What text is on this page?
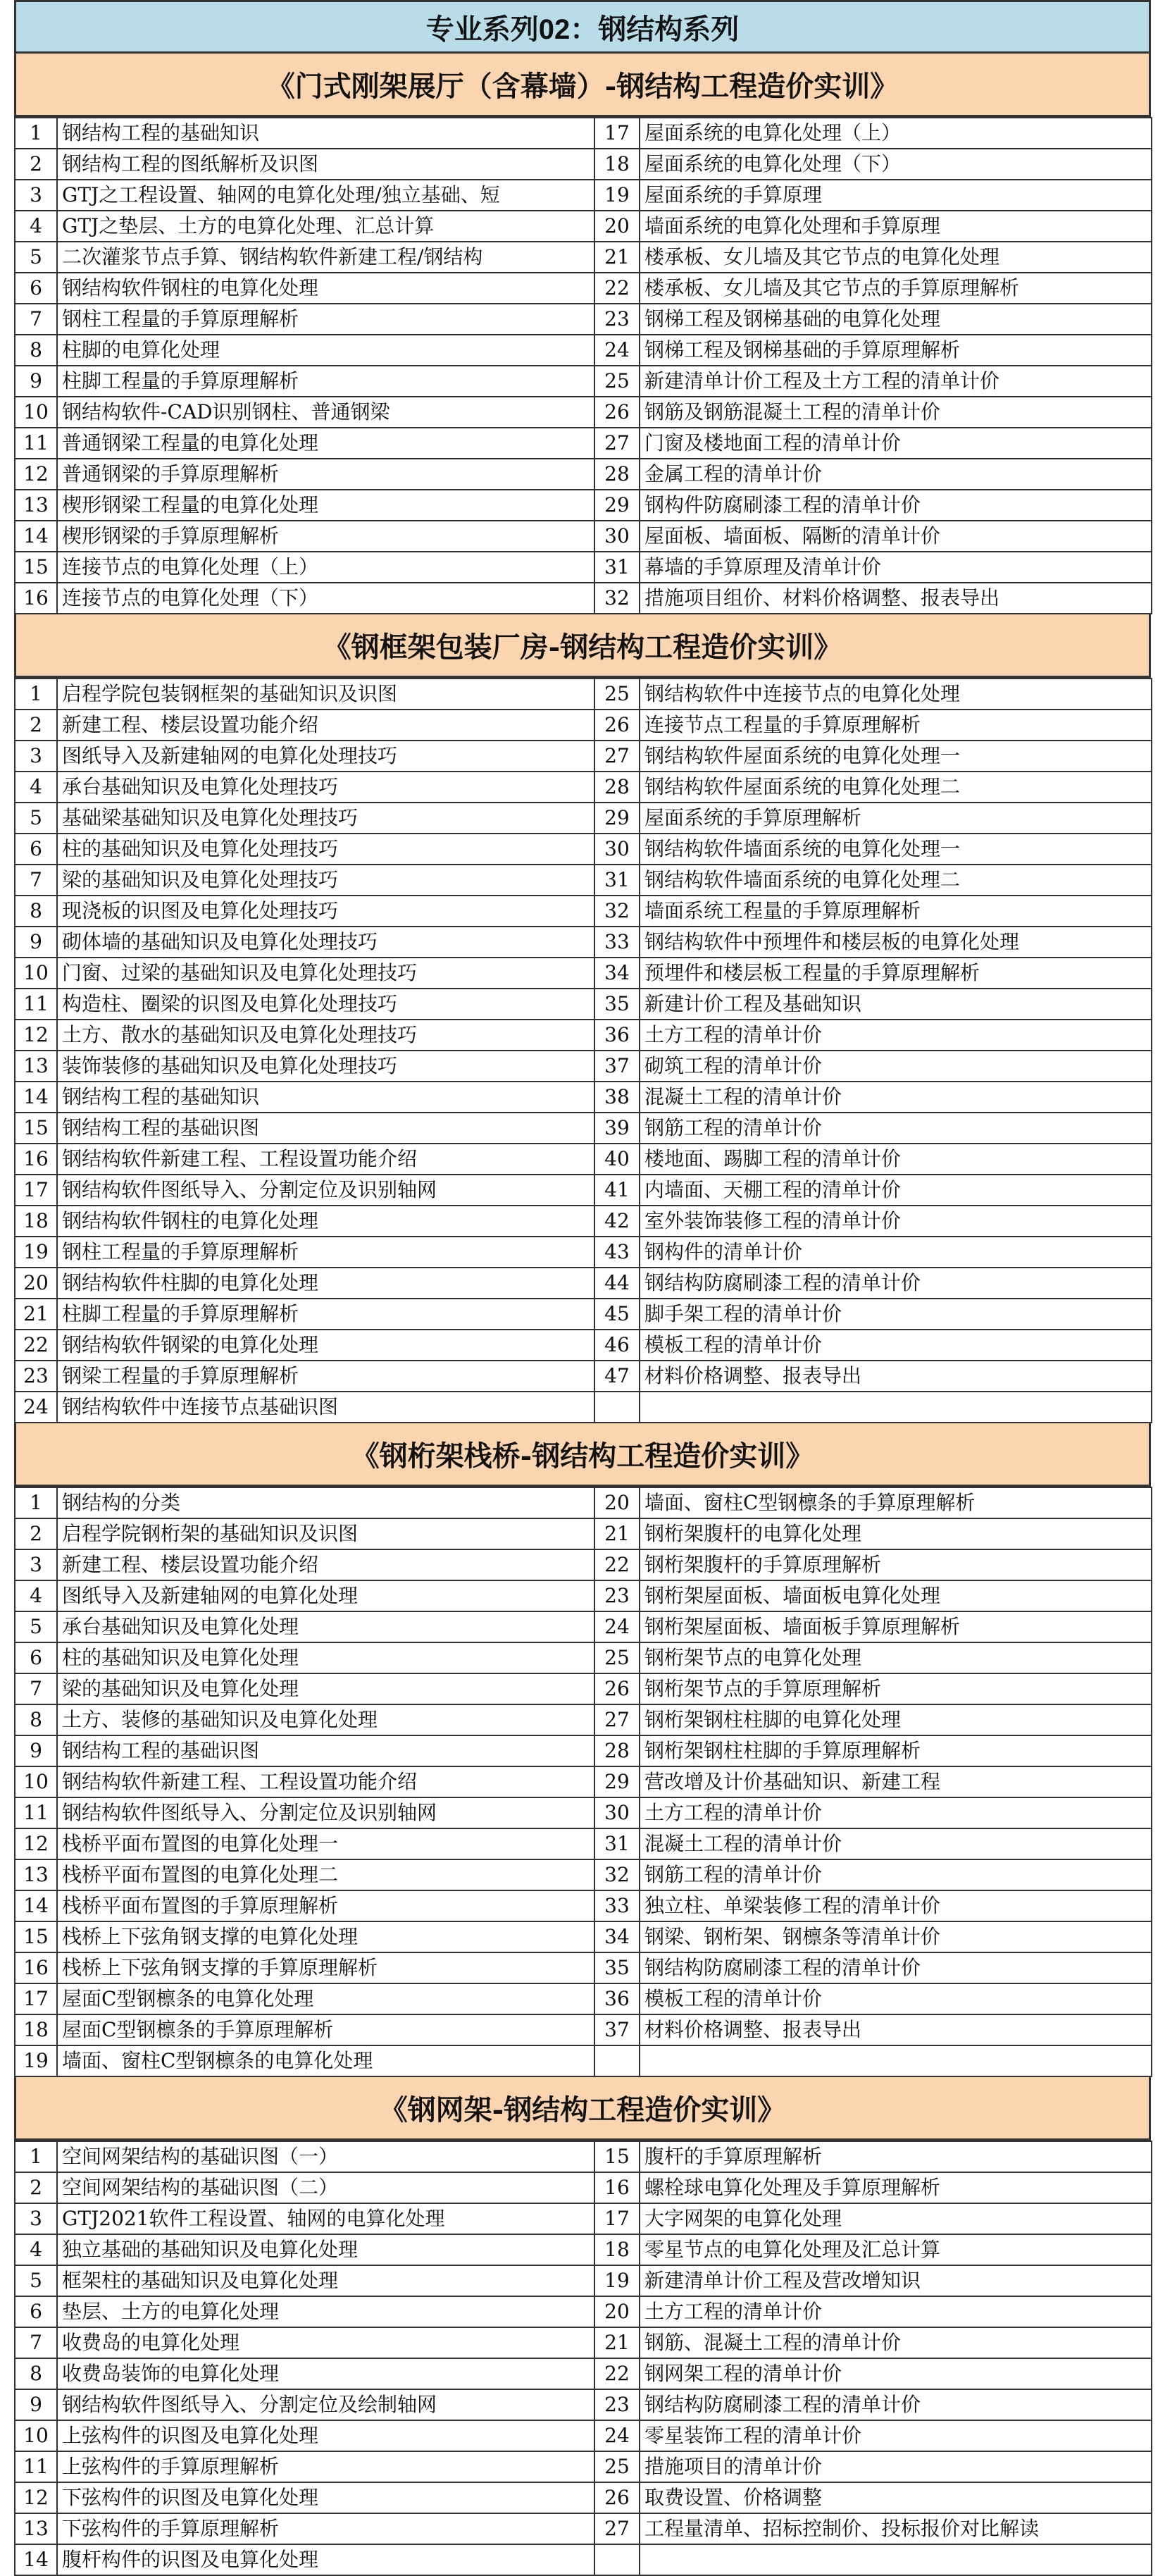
专业系列02：钢结构系列
《门式刚架展厅（含幕墙）-钢结构工程造价实训》
1	钢结构工程的基础知识	17	屋面系统的电算化处理（上）
2	钢结构工程的图纸解析及识图	18	屋面系统的电算化处理（下）
3	GTJ之工程设置、轴网的电算化处理/独立基础、短	19	屋面系统的手算原理
4	GTJ之垫层、土方的电算化处理、汇总计算	20	墙面系统的电算化处理和手算原理
5	二次灌浆节点手算、钢结构软件新建工程/钢结构	21	楼承板、女儿墙及其它节点的电算化处理
6	钢结构软件钢柱的电算化处理	22	楼承板、女儿墙及其它节点的手算原理解析
7	钢柱工程量的手算原理解析	23	钢梯工程及钢梯基础的电算化处理
8	柱脚的电算化处理	24	钢梯工程及钢梯基础的手算原理解析
9	柱脚工程量的手算原理解析	25	新建清单计价工程及土方工程的清单计价
10	钢结构软件-CAD识别钢柱、普通钢梁	26	钢筋及钢筋混凝土工程的清单计价
11	普通钢梁工程量的电算化处理	27	门窗及楼地面工程的清单计价
12	普通钢梁的手算原理解析	28	金属工程的清单计价
13	楔形钢梁工程量的电算化处理	29	钢构件防腐刷漆工程的清单计价
14	楔形钢梁的手算原理解析	30	屋面板、墙面板、隔断的清单计价
15	连接节点的电算化处理（上）	31	幕墙的手算原理及清单计价
16	连接节点的电算化处理（下）	32	措施项目组价、材料价格调整、报表导出
《钢框架包装厂房-钢结构工程造价实训》
1	启程学院包装钢框架的基础知识及识图	25	钢结构软件中连接节点的电算化处理
2	新建工程、楼层设置功能介绍	26	连接节点工程量的手算原理解析
3	图纸导入及新建轴网的电算化处理技巧	27	钢结构软件屋面系统的电算化处理一
4	承台基础知识及电算化处理技巧	28	钢结构软件屋面系统的电算化处理二
5	基础梁基础知识及电算化处理技巧	29	屋面系统的手算原理解析
6	柱的基础知识及电算化处理技巧	30	钢结构软件墙面系统的电算化处理一
7	梁的基础知识及电算化处理技巧	31	钢结构软件墙面系统的电算化处理二
8	现浇板的识图及电算化处理技巧	32	墙面系统工程量的手算原理解析
9	砌体墙的基础知识及电算化处理技巧	33	钢结构软件中预埋件和楼层板的电算化处理
10	门窗、过梁的基础知识及电算化处理技巧	34	预埋件和楼层板工程量的手算原理解析
11	构造柱、圈梁的识图及电算化处理技巧	35	新建计价工程及基础知识
12	土方、散水的基础知识及电算化处理技巧	36	土方工程的清单计价
13	装饰装修的基础知识及电算化处理技巧	37	砌筑工程的清单计价
14	钢结构工程的基础知识	38	混凝土工程的清单计价
15	钢结构工程的基础识图	39	钢筋工程的清单计价
16	钢结构软件新建工程、工程设置功能介绍	40	楼地面、踢脚工程的清单计价
17	钢结构软件图纸导入、分割定位及识别轴网	41	内墙面、天棚工程的清单计价
18	钢结构软件钢柱的电算化处理	42	室外装饰装修工程的清单计价
19	钢柱工程量的手算原理解析	43	钢构件的清单计价
20	钢结构软件柱脚的电算化处理	44	钢结构防腐刷漆工程的清单计价
21	柱脚工程量的手算原理解析	45	脚手架工程的清单计价
22	钢结构软件钢梁的电算化处理	46	模板工程的清单计价
23	钢梁工程量的手算原理解析	47	材料价格调整、报表导出
24	钢结构软件中连接节点基础识图		
《钢桁架栈桥-钢结构工程造价实训》
1	钢结构的分类	20	墙面、窗柱C型钢檩条的手算原理解析
2	启程学院钢桁架的基础知识及识图	21	钢桁架腹杆的电算化处理
3	新建工程、楼层设置功能介绍	22	钢桁架腹杆的手算原理解析
4	图纸导入及新建轴网的电算化处理	23	钢桁架屋面板、墙面板电算化处理
5	承台基础知识及电算化处理	24	钢桁架屋面板、墙面板手算原理解析
6	柱的基础知识及电算化处理	25	钢桁架节点的电算化处理
7	梁的基础知识及电算化处理	26	钢桁架节点的手算原理解析
8	土方、装修的基础知识及电算化处理	27	钢桁架钢柱柱脚的电算化处理
9	钢结构工程的基础识图	28	钢桁架钢柱柱脚的手算原理解析
10	钢结构软件新建工程、工程设置功能介绍	29	营改增及计价基础知识、新建工程
11	钢结构软件图纸导入、分割定位及识别轴网	30	土方工程的清单计价
12	栈桥平面布置图的电算化处理一	31	混凝土工程的清单计价
13	栈桥平面布置图的电算化处理二	32	钢筋工程的清单计价
14	栈桥平面布置图的手算原理解析	33	独立柱、单梁装修工程的清单计价
15	栈桥上下弦角钢支撑的电算化处理	34	钢梁、钢桁架、钢檩条等清单计价
16	栈桥上下弦角钢支撑的手算原理解析	35	钢结构防腐刷漆工程的清单计价
17	屋面C型钢檩条的电算化处理	36	模板工程的清单计价
18	屋面C型钢檩条的手算原理解析	37	材料价格调整、报表导出
19	墙面、窗柱C型钢檩条的电算化处理		
《钢网架-钢结构工程造价实训》
1	空间网架结构的基础识图（一）	15	腹杆的手算原理解析
2	空间网架结构的基础识图（二）	16	螺栓球电算化处理及手算原理解析
3	GTJ2021软件工程设置、轴网的电算化处理	17	大字网架的电算化处理
4	独立基础的基础知识及电算化处理	18	零星节点的电算化处理及汇总计算
5	框架柱的基础知识及电算化处理	19	新建清单计价工程及营改增知识
6	垫层、土方的电算化处理	20	土方工程的清单计价
7	收费岛的电算化处理	21	钢筋、混凝土工程的清单计价
8	收费岛装饰的电算化处理	22	钢网架工程的清单计价
9	钢结构软件图纸导入、分割定位及绘制轴网	23	钢结构防腐刷漆工程的清单计价
10	上弦构件的识图及电算化处理	24	零星装饰工程的清单计价
11	上弦构件的手算原理解析	25	措施项目的清单计价
12	下弦构件的识图及电算化处理	26	取费设置、价格调整
13	下弦构件的手算原理解析	27	工程量清单、招标控制价、投标报价对比解读
14	腹杆构件的识图及电算化处理		
